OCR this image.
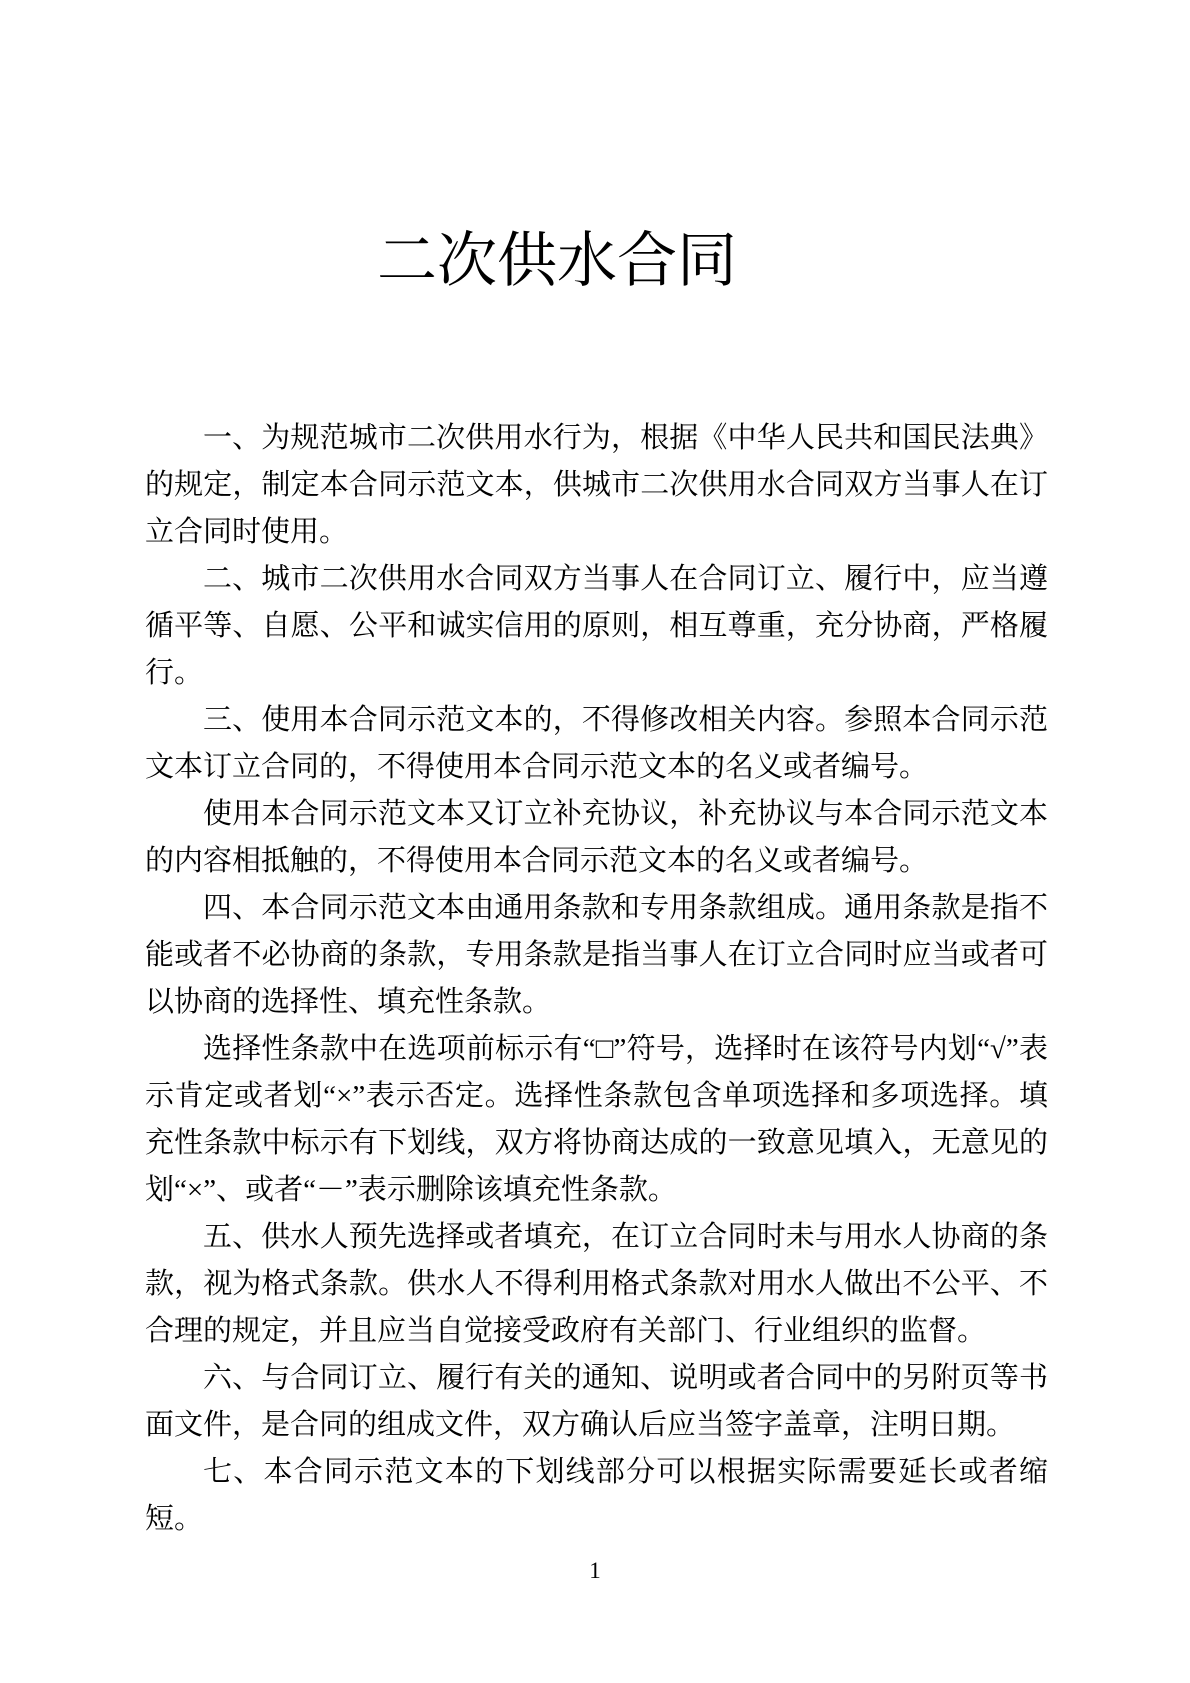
二次供水合同

一、为规范城市二次供用水行为，根据《中华人民共和国民法典》的规定，制定本合同示范文本，供城市二次供用水合同双方当事人在订立合同时使用。

二、城市二次供用水合同双方当事人在合同订立、履行中，应当遵循平等、自愿、公平和诚实信用的原则，相互尊重，充分协商，严格履行。

三、使用本合同示范文本的，不得修改相关内容。参照本合同示范文本订立合同的，不得使用本合同示范文本的名义或者编号。

使用本合同示范文本又订立补充协议，补充协议与本合同示范文本的内容相抵触的，不得使用本合同示范文本的名义或者编号。

四、本合同示范文本由通用条款和专用条款组成。通用条款是指不能或者不必协商的条款，专用条款是指当事人在订立合同时应当或者可以协商的选择性、填充性条款。

选择性条款中在选项前标示有“□”符号，选择时在该符号内划“√”表示肯定或者划“×”表示否定。选择性条款包含单项选择和多项选择。填充性条款中标示有下划线，双方将协商达成的一致意见填入，无意见的划“×”、或者“－”表示删除该填充性条款。

五、供水人预先选择或者填充，在订立合同时未与用水人协商的条款，视为格式条款。供水人不得利用格式条款对用水人做出不公平、不合理的规定，并且应当自觉接受政府有关部门、行业组织的监督。

六、与合同订立、履行有关的通知、说明或者合同中的另附页等书面文件，是合同的组成文件，双方确认后应当签字盖章，注明日期。

七、本合同示范文本的下划线部分可以根据实际需要延长或者缩短。

1
